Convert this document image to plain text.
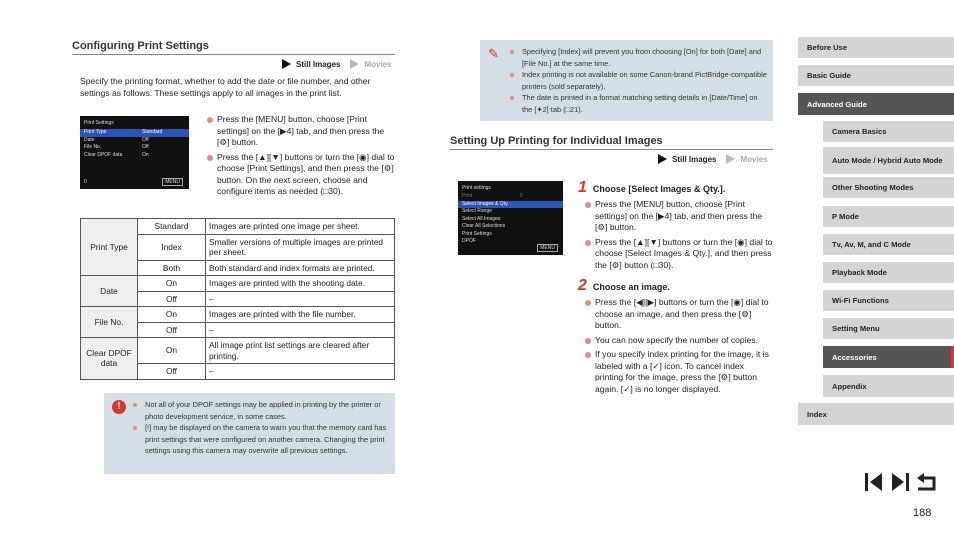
Configuring Print Settings
Still Images	Movies

Specify the printing format, whether to add the date or file number, and other settings as follows. These settings apply to all images in the print list.

Print Settings
Print Type	Standard
Date	Off
File No.	Off
Clear DPOF data	On
0	MENU
Press the [MENU] button, choose [Print settings] on the [▶4] tab, and then press the [⚙] button.
Press the [▲][▼] buttons or turn the [◉] dial to choose [Print Settings], and then press the [⚙] button. On the next screen, choose and configure items as needed (□30).
Print Type	Standard	Images are printed one image per sheet.
	Index	Smaller versions of multiple images are printed per sheet.
	Both	Both standard and index formats are printed.
Date	On	Images are printed with the shooting date.
	Off	–
File No.	On	Images are printed with the file number.
	Off	–
Clear DPOF data	On	All image print list settings are cleared after printing.
	Off	–
!	Not all of your DPOF settings may be applied in printing by the printer or photo development service, in some cases.
[!] may be displayed on the camera to warn you that the memory card has print settings that were configured on another camera. Changing the print settings using this camera may overwrite all previous settings.
✎	Specifying [Index] will prevent you from choosing [On] for both [Date] and [File No.] at the same time.
Index printing is not available on some Canon-brand PictBridge-compatible printers (sold separately).
The date is printed in a format matching setting details in [Date/Time] on the [✦2] tab (□21).
Setting Up Printing for Individual Images
Still Images	Movies
Print settings
Print	0
Select Images & Qty.
Select Range
Select All Images
Clear All Selections
Print Settings
DPOF
MENU
1 Choose [Select Images & Qty.].
Press the [MENU] button, choose [Print settings] on the [▶4] tab, and then press the [⚙] button.
Press the [▲][▼] buttons or turn the [◉] dial to choose [Select Images & Qty.], and then press the [⚙] button (□30).
2 Choose an image.
Press the [◀][▶] buttons or turn the [◉] dial to choose an image, and then press the [⚙] button.
You can now specify the number of copies.
If you specify index printing for the image, it is labeled with a [✓] icon. To cancel index printing for the image, press the [⚙] button again. [✓] is no longer displayed.
Before Use
Basic Guide
Advanced Guide
Camera Basics
Auto Mode / Hybrid Auto Mode
Other Shooting Modes
P Mode
Tv, Av, M, and C Mode
Playback Mode
Wi-Fi Functions
Setting Menu
Accessories
Appendix
Index
188
